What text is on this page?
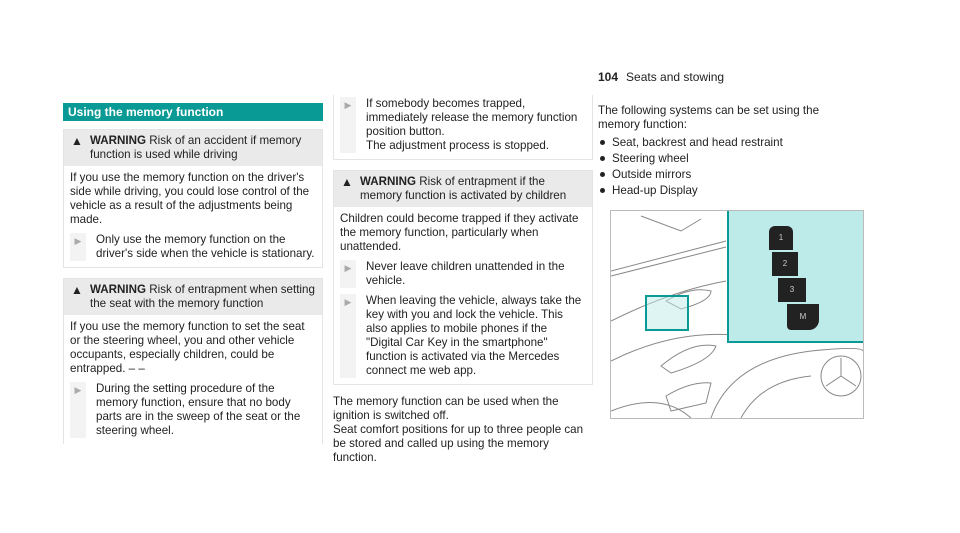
104 Seats and stowing
Using the memory function
▲ WARNING Risk of an accident if memory function is used while driving

If you use the memory function on the driver's side while driving, you could lose control of the vehicle as a result of the adjustments being made.

▶	Only use the memory function on the driver's side when the vehicle is stationary.
▲ WARNING Risk of entrapment when setting the seat with the memory function

If you use the memory function to set the seat or the steering wheel, you and other vehicle occupants, especially children, could be entrapped. – –

▶	During the setting procedure of the memory function, ensure that no body parts are in the sweep of the seat or the steering wheel.
▶	If somebody becomes trapped, immediately release the memory function position button.
The adjustment process is stopped.
▲ WARNING Risk of entrapment if the memory function is activated by children

Children could become trapped if they activate the memory function, particularly when unattended.

▶	Never leave children unattended in the vehicle.
▶	When leaving the vehicle, always take the key with you and lock the vehicle. This also applies to mobile phones if the "Digital Car Key in the smartphone" function is activated via the Mercedes connect me web app.

The memory function can be used when the ignition is switched off.

Seat comfort positions for up to three people can be stored and called up using the memory function.

The following systems can be set using the memory function:

Seat, backrest and head restraint
Steering wheel
Outside mirrors
Head-up Display
1
2
3
M
